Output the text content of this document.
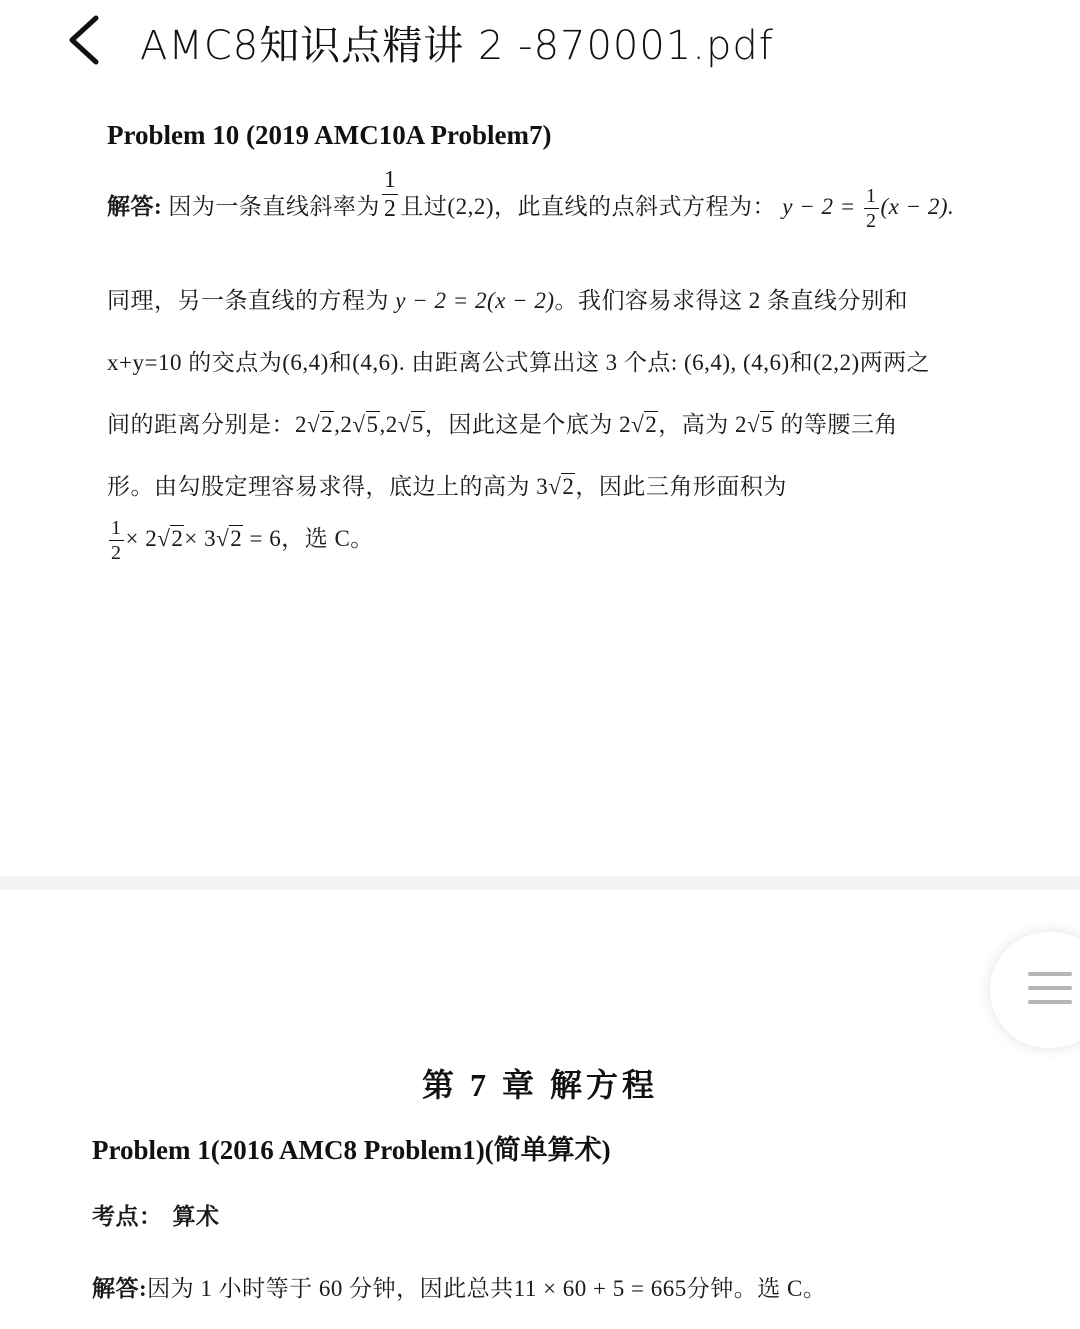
AMC8知识点精讲 2 -870001.pdf
Problem 10 (2019 AMC10A Problem7)
解答: 因为一条直线斜率为 $\frac{1}{2}$ 且过(2,2)，此直线的点斜式方程为： $y - 2 = \frac{1}{2} (x - 2)$.
同理，另一条直线的方程为 y − 2 = 2(x − 2)。我们容易求得这 2 条直线分别和
x+y=10 的交点为(6,4)和(4,6). 由距离公式算出这 3 个点: (6,4), (4,6)和(2,2)两两之
间的距离分别是：2√2,2√5,2√5，因此这是个底为 2√2，高为 2√5 的等腰三角
形。由勾股定理容易求得，底边上的高为 3√2，因此三角形面积为
$\frac{1}{2} \times 2√2\times 3√2 = 6$，选 C。
第 7 章 解方程
Problem 1(2016 AMC8 Problem1)(简单算术)
考点： 算术
解答:因为 1 小时等于 60 分钟，因此总共11 × 60 + 5 = 665分钟。选 C。
